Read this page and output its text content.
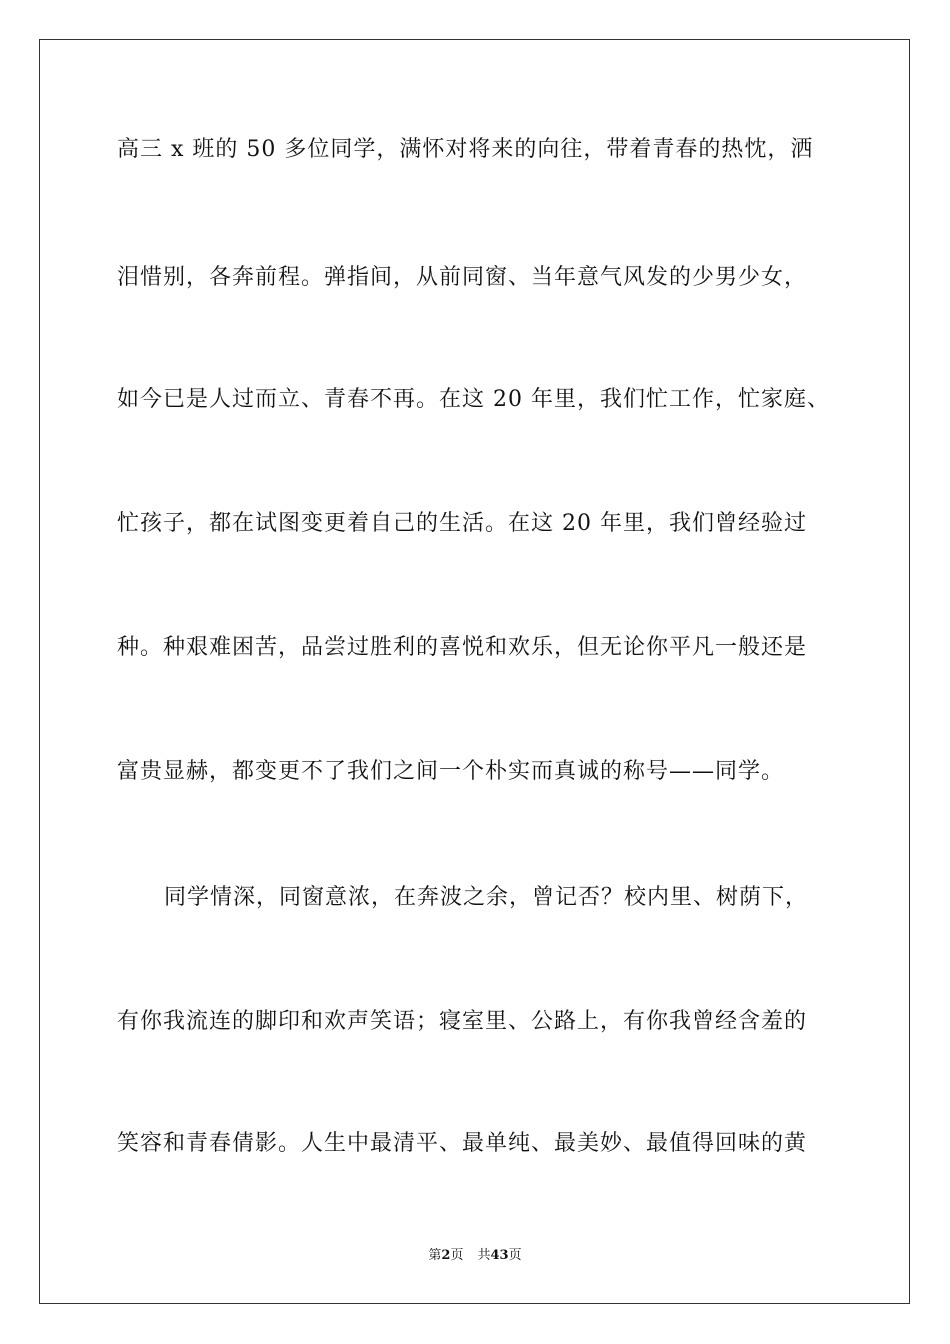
高三 x 班的 50 多位同学，满怀对将来的向往，带着青春的热忱，洒
泪惜别，各奔前程。弹指间，从前同窗、当年意气风发的少男少女，
如今已是人过而立、青春不再。在这 20 年里，我们忙工作，忙家庭、
忙孩子，都在试图变更着自己的生活。在这 20 年里，我们曾经验过
种。种艰难困苦，品尝过胜利的喜悦和欢乐，但无论你平凡一般还是
富贵显赫，都变更不了我们之间一个朴实而真诚的称号——同学。
同学情深，同窗意浓，在奔波之余，曾记否？校内里、树荫下，
有你我流连的脚印和欢声笑语；寝室里、公路上，有你我曾经含羞的
笑容和青春倩影。人生中最清平、最单纯、最美妙、最值得回味的黄
第2页 共43页
